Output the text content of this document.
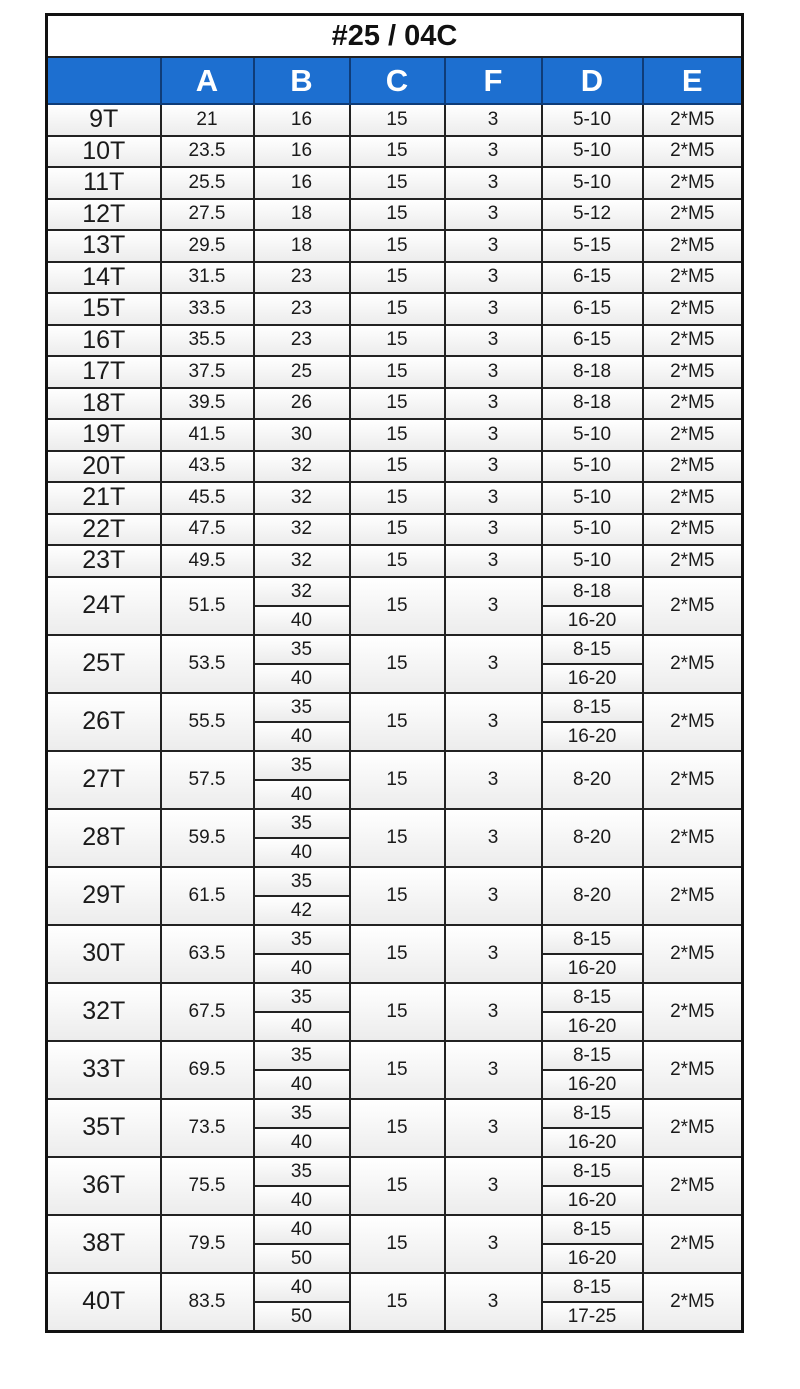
#25 / 04C						
	A	B	C	F	D	E
9T	21	16	15	3	5-10	2*M5
10T	23.5	16	15	3	5-10	2*M5
11T	25.5	16	15	3	5-10	2*M5
12T	27.5	18	15	3	5-12	2*M5
13T	29.5	18	15	3	5-15	2*M5
14T	31.5	23	15	3	6-15	2*M5
15T	33.5	23	15	3	6-15	2*M5
16T	35.5	23	15	3	6-15	2*M5
17T	37.5	25	15	3	8-18	2*M5
18T	39.5	26	15	3	8-18	2*M5
19T	41.5	30	15	3	5-10	2*M5
20T	43.5	32	15	3	5-10	2*M5
21T	45.5	32	15	3	5-10	2*M5
22T	47.5	32	15	3	5-10	2*M5
23T	49.5	32	15	3	5-10	2*M5
24T	51.5	32	15	3	8-18	2*M5
		40			16-20	
25T	53.5	35	15	3	8-15	2*M5
		40			16-20	
26T	55.5	35	15	3	8-15	2*M5
		40			16-20	
27T	57.5	35	15	3	8-20	2*M5
		40				
28T	59.5	35	15	3	8-20	2*M5
		40				
29T	61.5	35	15	3	8-20	2*M5
		42				
30T	63.5	35	15	3	8-15	2*M5
		40			16-20	
32T	67.5	35	15	3	8-15	2*M5
		40			16-20	
33T	69.5	35	15	3	8-15	2*M5
		40			16-20	
35T	73.5	35	15	3	8-15	2*M5
		40			16-20	
36T	75.5	35	15	3	8-15	2*M5
		40			16-20	
38T	79.5	40	15	3	8-15	2*M5
		50			16-20	
40T	83.5	40	15	3	8-15	2*M5
		50			17-25	
